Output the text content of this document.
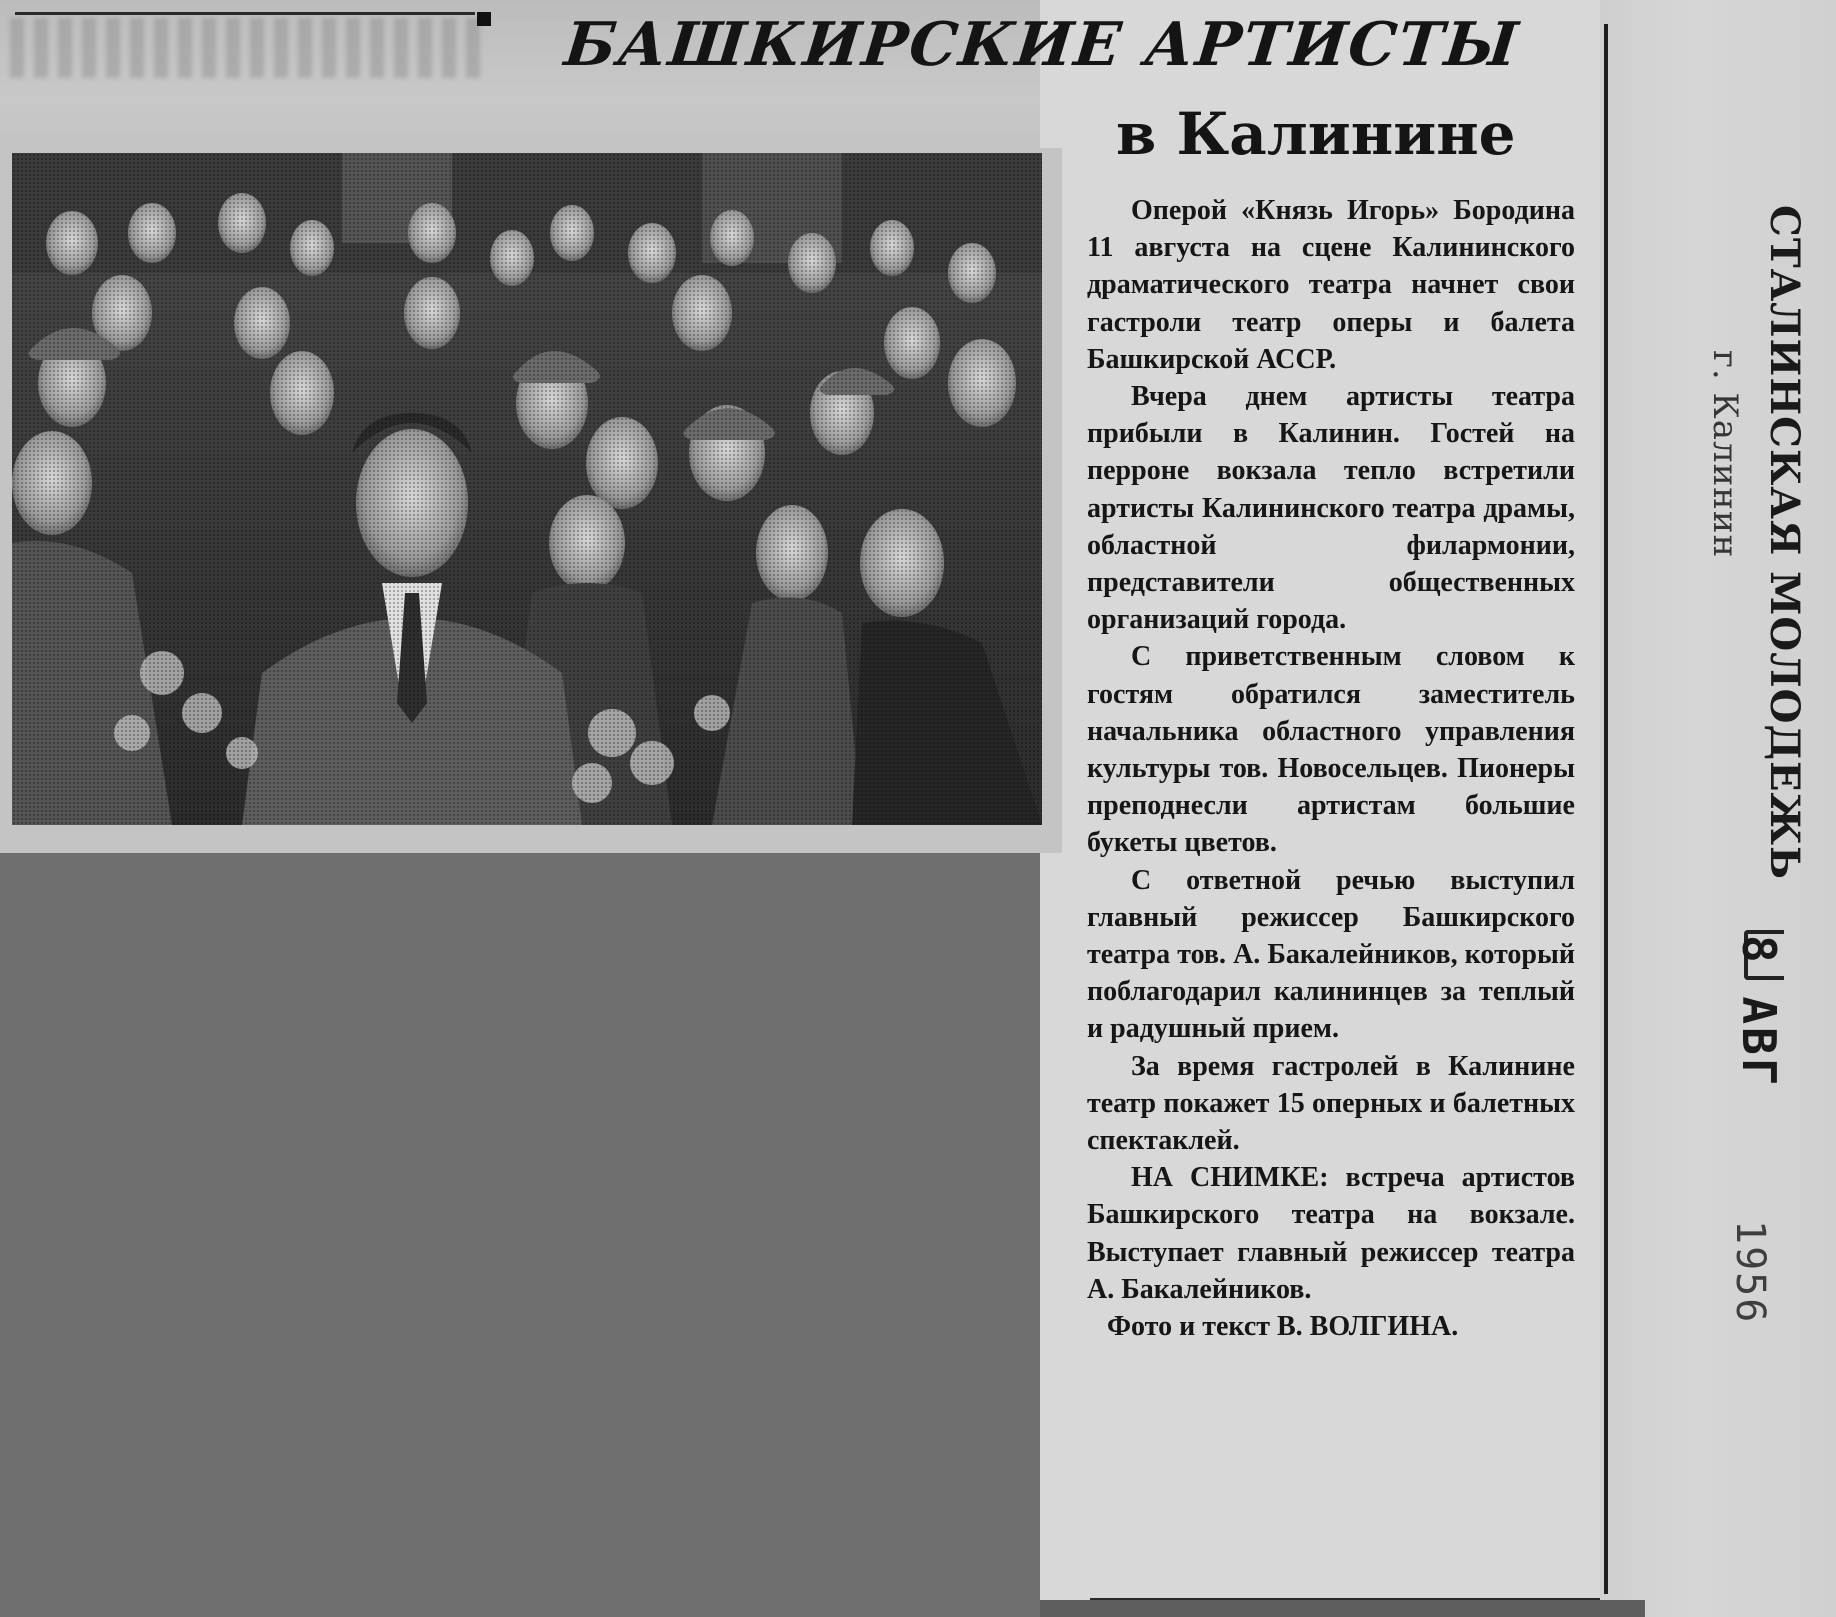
БАШКИРСКИЕ АРТИСТЫ
в Калинине

Оперой «Князь Игорь» Бородина 11 августа на сцене Калининского драматического театра начнет свои гастроли театр оперы и балета Башкирской АССР.

Вчера днем артисты театра прибыли в Калинин. Гостей на перроне вокзала тепло встретили артисты Калининского театра драмы, областной филармонии, представители общественных организаций города.

С приветственным словом к гостям обратился заместитель начальника областного управления культуры тов. Новосельцев. Пионеры преподнесли артистам большие букеты цветов.

С ответной речью выступил главный режиссер Башкирского театра тов. А. Бакалейников, который поблагодарил калининцев за теплый и радушный прием.

За время гастролей в Калинине театр покажет 15 оперных и балетных спектаклей.

НА СНИМКЕ: встреча артистов Башкирского театра на вокзале. Выступает главный режиссер театра А. Бакалейников.

Фото и текст В. ВОЛГИНА.

СТАЛИНСКАЯ МОЛОДЕЖЬ
г. Калинин
8 АВГ
1956
